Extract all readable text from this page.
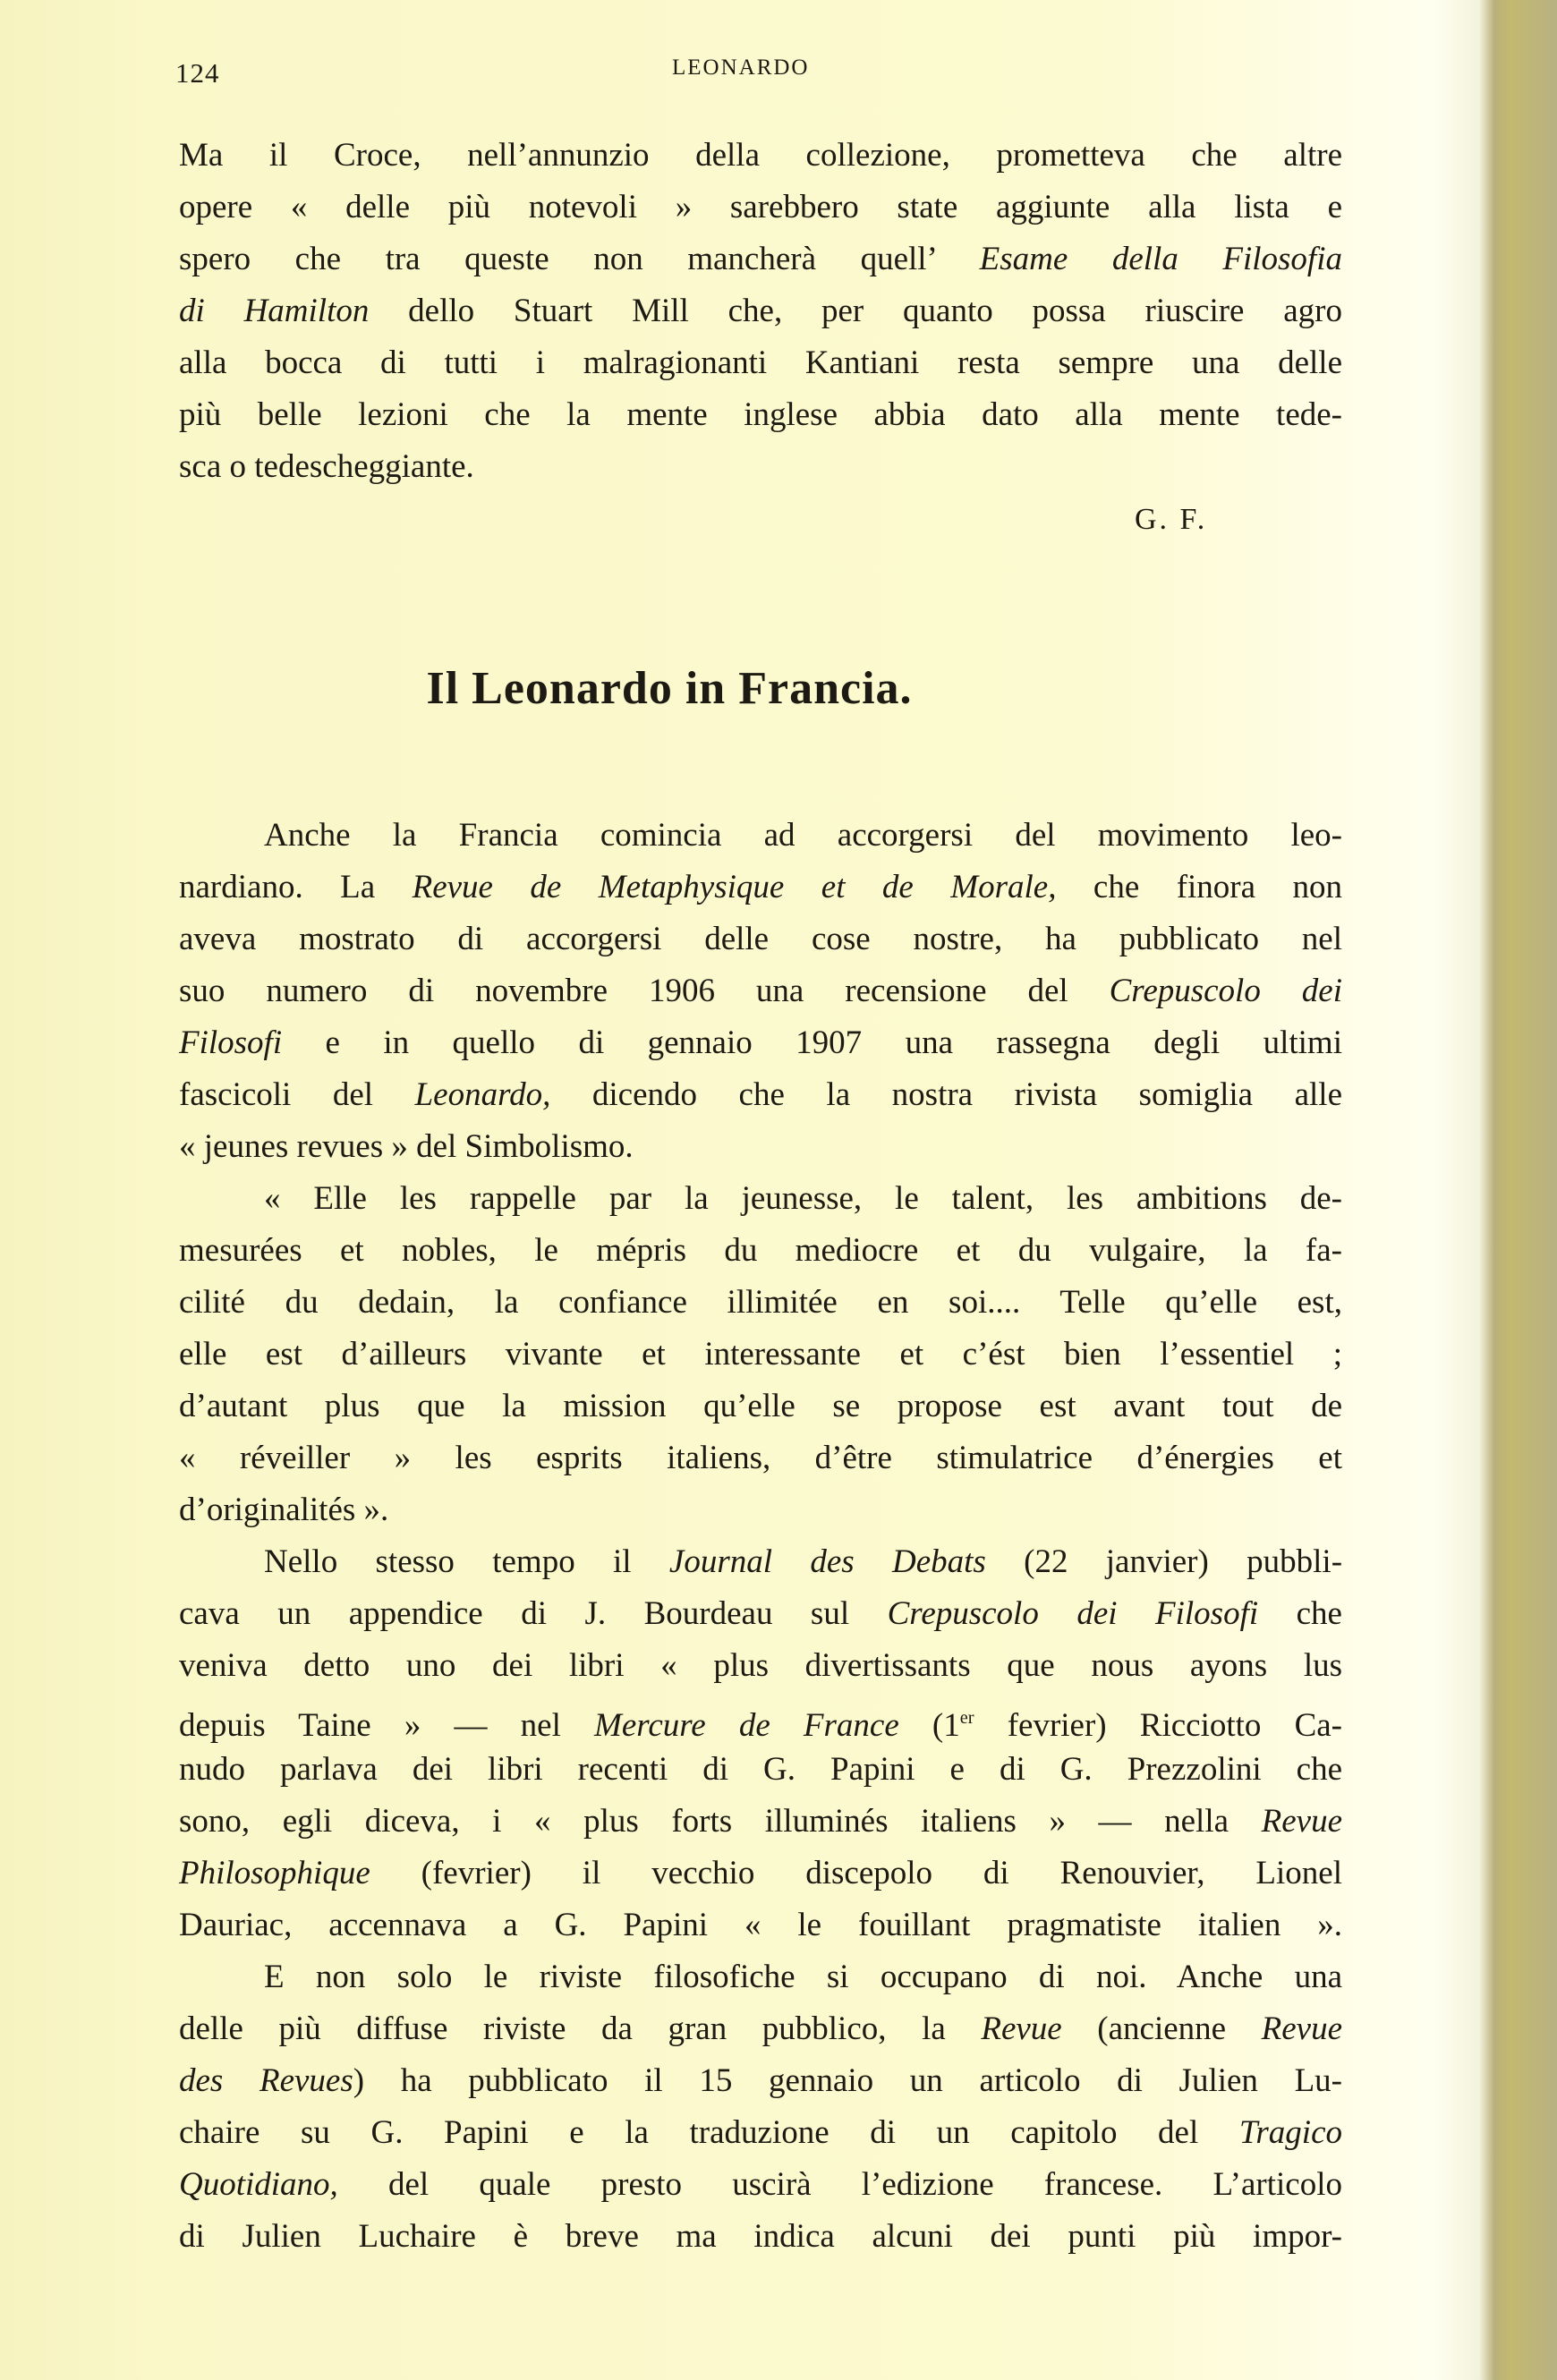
124	LEONARDO
Ma il Croce, nell’annunzio della collezione, prometteva che altre
opere « delle più notevoli » sarebbero state aggiunte alla lista e
spero che tra queste non mancherà quell’ Esame della Filosofia
di Hamilton dello Stuart Mill che, per quanto possa riuscire agro
alla bocca di tutti i malragionanti Kantiani resta sempre una delle
più belle lezioni che la mente inglese abbia dato alla mente tede-
sca o tedescheggiante.
G. F.
Il Leonardo in Francia.
Anche la Francia comincia ad accorgersi del movimento leo-
nardiano. La Revue de Metaphysique et de Morale, che finora non
aveva mostrato di accorgersi delle cose nostre, ha pubblicato nel
suo numero di novembre 1906 una recensione del Crepuscolo dei
Filosofi e in quello di gennaio 1907 una rassegna degli ultimi
fascicoli del Leonardo, dicendo che la nostra rivista somiglia alle
« jeunes revues » del Simbolismo.
« Elle les rappelle par la jeunesse, le talent, les ambitions de-
mesurées et nobles, le mépris du mediocre et du vulgaire, la fa-
cilité du dedain, la confiance illimitée en soi.... Telle qu’elle est,
elle est d’ailleurs vivante et interessante et c’ést bien l’essentiel ;
d’autant plus que la mission qu’elle se propose est avant tout de
« réveiller » les esprits italiens, d’être stimulatrice d’énergies et
d’originalités ».
Nello stesso tempo il Journal des Debats (22 janvier) pubbli-
cava un appendice di J. Bourdeau sul Crepuscolo dei Filosofi che
veniva detto uno dei libri « plus divertissants que nous ayons lus
depuis Taine » — nel Mercure de France (1er fevrier) Ricciotto Ca-
nudo parlava dei libri recenti di G. Papini e di G. Prezzolini che
sono, egli diceva, i « plus forts illuminés italiens » — nella Revue
Philosophique (fevrier) il vecchio discepolo di Renouvier, Lionel
Dauriac, accennava a G. Papini « le fouillant pragmatiste italien ».
E non solo le riviste filosofiche si occupano di noi. Anche una
delle più diffuse riviste da gran pubblico, la Revue (ancienne Revue
des Revues) ha pubblicato il 15 gennaio un articolo di Julien Lu-
chaire su G. Papini e la traduzione di un capitolo del Tragico
Quotidiano, del quale presto uscirà l’edizione francese. L’articolo
di Julien Luchaire è breve ma indica alcuni dei punti più impor-
